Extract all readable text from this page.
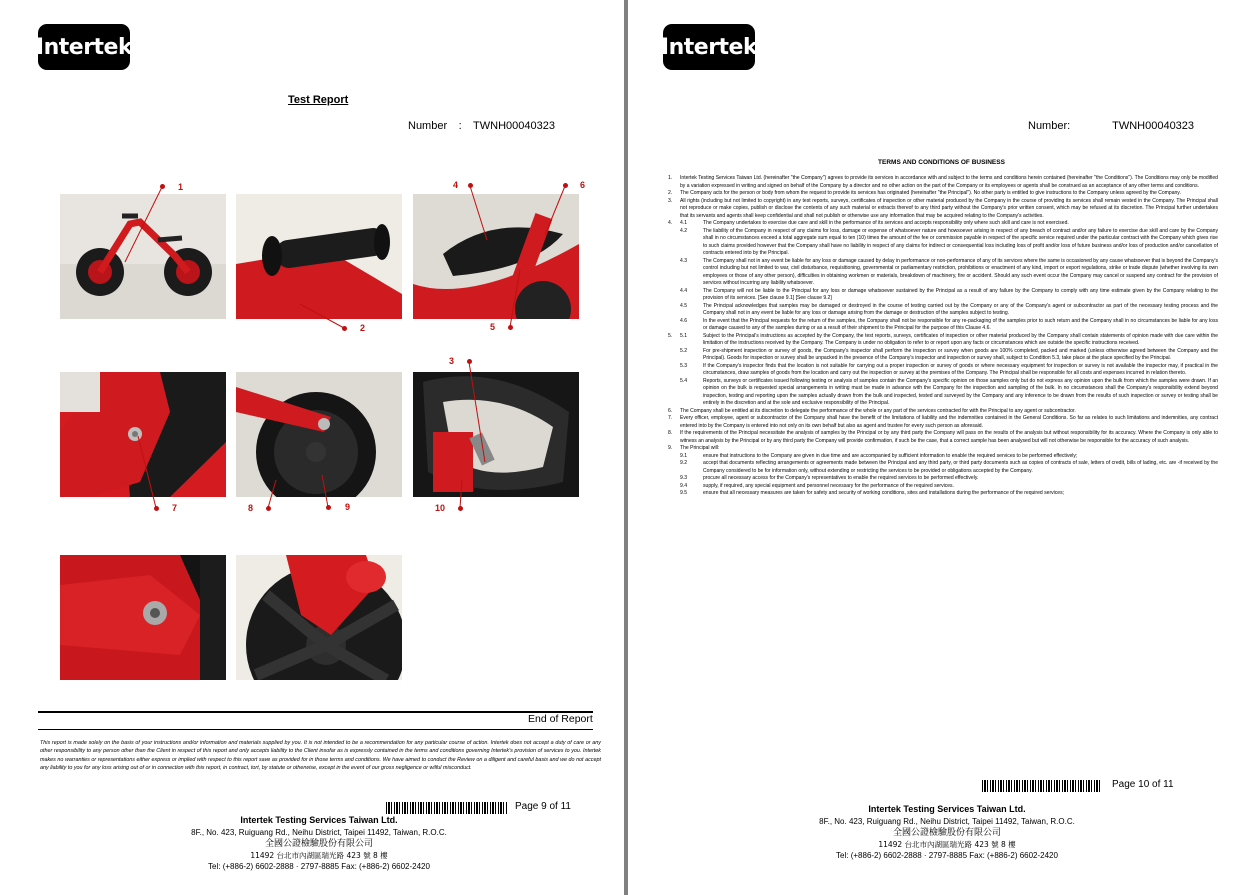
Intertek
Test Report
Number : TWNH00040323
1
2
3
4
5
6
7	8	9	10
End of Report
This report is made solely on the basis of your instructions and/or information and materials supplied by you. It is not intended to be a recommendation for any particular course of action. Intertek does not accept a duty of care or any other responsibility to any person other than the Client in respect of this report and only accepts liability to the Client insofar as is expressly contained in the terms and conditions governing Intertek's provision of services to you. Intertek makes no warranties or representations either express or implied with respect to this report save as provided for in those terms and conditions. We have aimed to conduct the Review on a diligent and careful basis and we do not accept any liability to you for any loss arising out of or in connection with this report, in contract, tort, by statute or otherwise, except in the event of our gross negligence or wilful misconduct.
Page 9 of 11
Intertek Testing Services Taiwan Ltd.
8F., No. 423, Ruiguang Rd., Neihu District, Taipei 11492, Taiwan, R.O.C.
全國公證檢驗股份有限公司
11492 台北市內湖區瑞光路 423 號 8 樓
Tel: (+886-2) 6602-2888 · 2797-8885 Fax: (+886-2) 6602-2420
Intertek
Number:	TWNH00040323
TERMS AND CONDITIONS OF BUSINESS
1. Intertek Testing Services Taiwan Ltd. (hereinafter "the Company") agrees to provide its services in accordance with and subject to the terms and conditions herein contained (hereinafter "the Conditions"). The Conditions may only be modified by a variation expressed in writing and signed on behalf of the Company by a director and no other action on the part of the Company or its employees or agents shall be construed as an acceptance of any other terms and conditions.
2. The Company acts for the person or body from whom the request to provide its services has originated (hereinafter "the Principal"). No other party is entitled to give instructions to the Company unless agreed by the Company.
3. All rights (including but not limited to copyright) in any test reports, surveys, certificates of inspection or other material produced by the Company in the course of providing its services shall remain vested in the Company. The Principal shall not reproduce or make copies, publish or disclose the contents of any such material or extracts thereof to any third party without the Company's prior written consent, which may be refused at its discretion. The Principal further undertakes that its servants and agents shall keep confidential and shall not publish or otherwise use any information that may be acquired relating to the Company's activities.
4. 4.1	The Company undertakes to exercise due care and skill in the performance of its services and accepts responsibility only where such skill and care is not exercised.
4.2	The liability of the Company in respect of any claims for loss, damage or expense of whatsoever nature and howsoever arising in respect of any breach of contract and/or any failure to exercise due skill and care by the Company shall in no circumstances exceed a total aggregate sum equal to ten (10) times the amount of the fee or commission payable in respect of the specific service required under the particular contract with the Company which gives rise to such claims provided however that the Company shall have no liability in respect of any claims for indirect or consequential loss including loss of profit and/or loss of future business and/or loss of production and/or cancellation of contracts entered into by the Principal.
4.3	The Company shall not in any event be liable for any loss or damage caused by delay in performance or non-performance of any of its services where the same is occasioned by any cause whatsoever that is beyond the Company's control including but not limited to war, civil disturbance, requisitioning, governmental or parliamentary restriction, prohibitions or enactment of any kind, import or export regulations, strike or trade dispute (whether involving its own employees or those of any other person), difficulties in obtaining workmen or materials, breakdown of machinery, fire or accident. Should any such event occur the Company may cancel or suspend any contract for the provision of services without incurring any liability whatsoever.
4.4	The Company will not be liable to the Principal for any loss or damage whatsoever sustained by the Principal as a result of any failure by the Company to comply with any time estimate given by the Company relating to the provision of its services. [See clause 9.1] [See clause 9.2]
4.5	The Principal acknowledges that samples may be damaged or destroyed in the course of testing carried out by the Company or any of the Company's agent or subcontractor as part of the necessary testing process and the Company shall not in any event be liable for any loss or damage arising from the damage or destruction of the samples subject to testing.
4.6	In the event that the Principal requests for the return of the samples, the Company shall not be responsible for any re-packaging of the samples prior to such return and the Company shall in no circumstances be liable for any loss or damage caused to any of the samples during or as a result of their shipment to the Principal for the purpose of this Clause 4.6.
5. 5.1	Subject to the Principal's instructions as accepted by the Company, the test reports, surveys, certificates of inspection or other material produced by the Company shall contain statements of opinion made with due care within the limitation of the instructions received by the Company. The Company is under no obligation to refer to or report upon any facts or circumstances which are outside the specific instructions received.
5.2	For pre-shipment inspection or survey of goods, the Company's inspector shall perform the inspection or survey when goods are 100% completed, packed and marked (unless otherwise agreed between the Company and the Principal). Goods for inspection or survey shall be unpacked in the presence of the Company's inspector and inspection or survey shall, subject to Condition 5.3, take place at the place specified by the Principal.
5.3	If the Company's inspector finds that the location is not suitable for carrying out a proper inspection or survey of goods or where necessary equipment for inspection or survey is not available the inspector may, if practical in the circumstances, draw samples of goods from the location and carry out the inspection or survey at the premises of the Company. The Principal shall be responsible for all costs and expenses incurred in relation thereto.
5.4	Reports, surveys or certificates issued following testing or analysis of samples contain the Company's specific opinion on those samples only but do not express any opinion upon the bulk from which the samples were drawn. If an opinion on the bulk is requested special arrangements in writing must be made in advance with the Company for the inspection and sampling of the bulk. In no circumstances shall the Company's responsibility extend beyond inspection, testing and reporting upon the samples actually drawn from the bulk and inspected, tested and surveyed by the Company and any inference to be drawn from the results of such inspection or survey or testing shall be entirely in the discretion and at the sole and exclusive responsibility of the Principal.
6. The Company shall be entitled at its discretion to delegate the performance of the whole or any part of the services contracted for with the Principal to any agent or subcontractor.
7. Every officer, employee, agent or subcontractor of the Company shall have the benefit of the limitations of liability and the indemnities contained in the General Conditions. So far as relates to such limitations and indemnities, any contract entered into by the Company is entered into not only on its own behalf but also as agent and trustee for every such person as aforesaid.
8. If the requirements of the Principal necessitate the analysis of samples by the Principal or by any third party the Company will pass on the results of the analysis but without responsibility for its accuracy. Where the Company is only able to witness an analysis by the Principal or by any third party the Company will provide confirmation, if such be the case, that a correct sample has been analysed but will not otherwise be responsible for the accuracy of such analysis.
9. The Principal will:
9.1	ensure that instructions to the Company are given in due time and are accompanied by sufficient information to enable the required services to be performed effectively;
9.2	accept that documents reflecting arrangements or agreements made between the Principal and any third party, or third party documents such as copies of contracts of sale, letters of credit, bills of lading, etc. are -if received by the Company considered to be for information only, without extending or restricting the services to be provided or obligations accepted by the Company.
9.3	procure all necessary access for the Company's representatives to enable the required services to be performed effectively.
9.4	supply, if required, any special equipment and personnel necessary for the performance of the required services.
9.5	ensure that all necessary measures are taken for safety and security of working conditions, sites and installations during the performance of the required services;
Page 10 of 11
Intertek Testing Services Taiwan Ltd.
8F., No. 423, Ruiguang Rd., Neihu District, Taipei 11492, Taiwan, R.O.C.
全國公證檢驗股份有限公司
11492 台北市內湖區瑞光路 423 號 8 樓
Tel: (+886-2) 6602-2888 · 2797-8885 Fax: (+886-2) 6602-2420
